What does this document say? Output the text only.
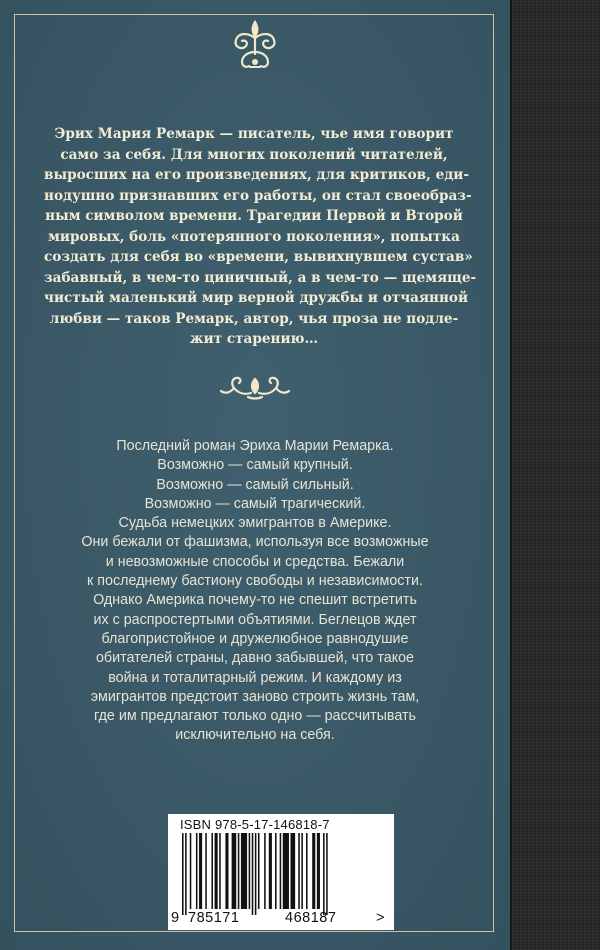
Эрих Мария Ремарк — писатель, чье имя говорит
само за себя. Для многих поколений читателей,
выросших на его произведениях, для критиков, еди-
нодушно признавших его работы, он стал своеобраз-
ным символом времени. Трагедии Первой и Второй
мировых, боль «потерянного поколения», попытка
создать для себя во «времени, вывихнувшем сустав»
забавный, в чем-то циничный, а в чем-то — щемяще-
чистый маленький мир верной дружбы и отчаянной
любви — таков Ремарк, автор, чья проза не подле-
жит старению…
Последний роман Эриха Марии Ремарка.
Возможно — самый крупный.
Возможно — самый сильный.
Возможно — самый трагический.
Судьба немецких эмигрантов в Америке.
Они бежали от фашизма, используя все возможные
и невозможные способы и средства. Бежали
к последнему бастиону свободы и независимости.
Однако Америка почему-то не спешит встретить
их с распростертыми объятиями. Беглецов ждет
благопристойное и дружелюбное равнодушие
обитателей страны, давно забывшей, что такое
война и тоталитарный режим. И каждому из
эмигрантов предстоит заново строить жизнь там,
где им предлагают только одно — рассчитывать
исключительно на себя.
ISBN 978-5-17-146818-7
9 785171	468187	>
